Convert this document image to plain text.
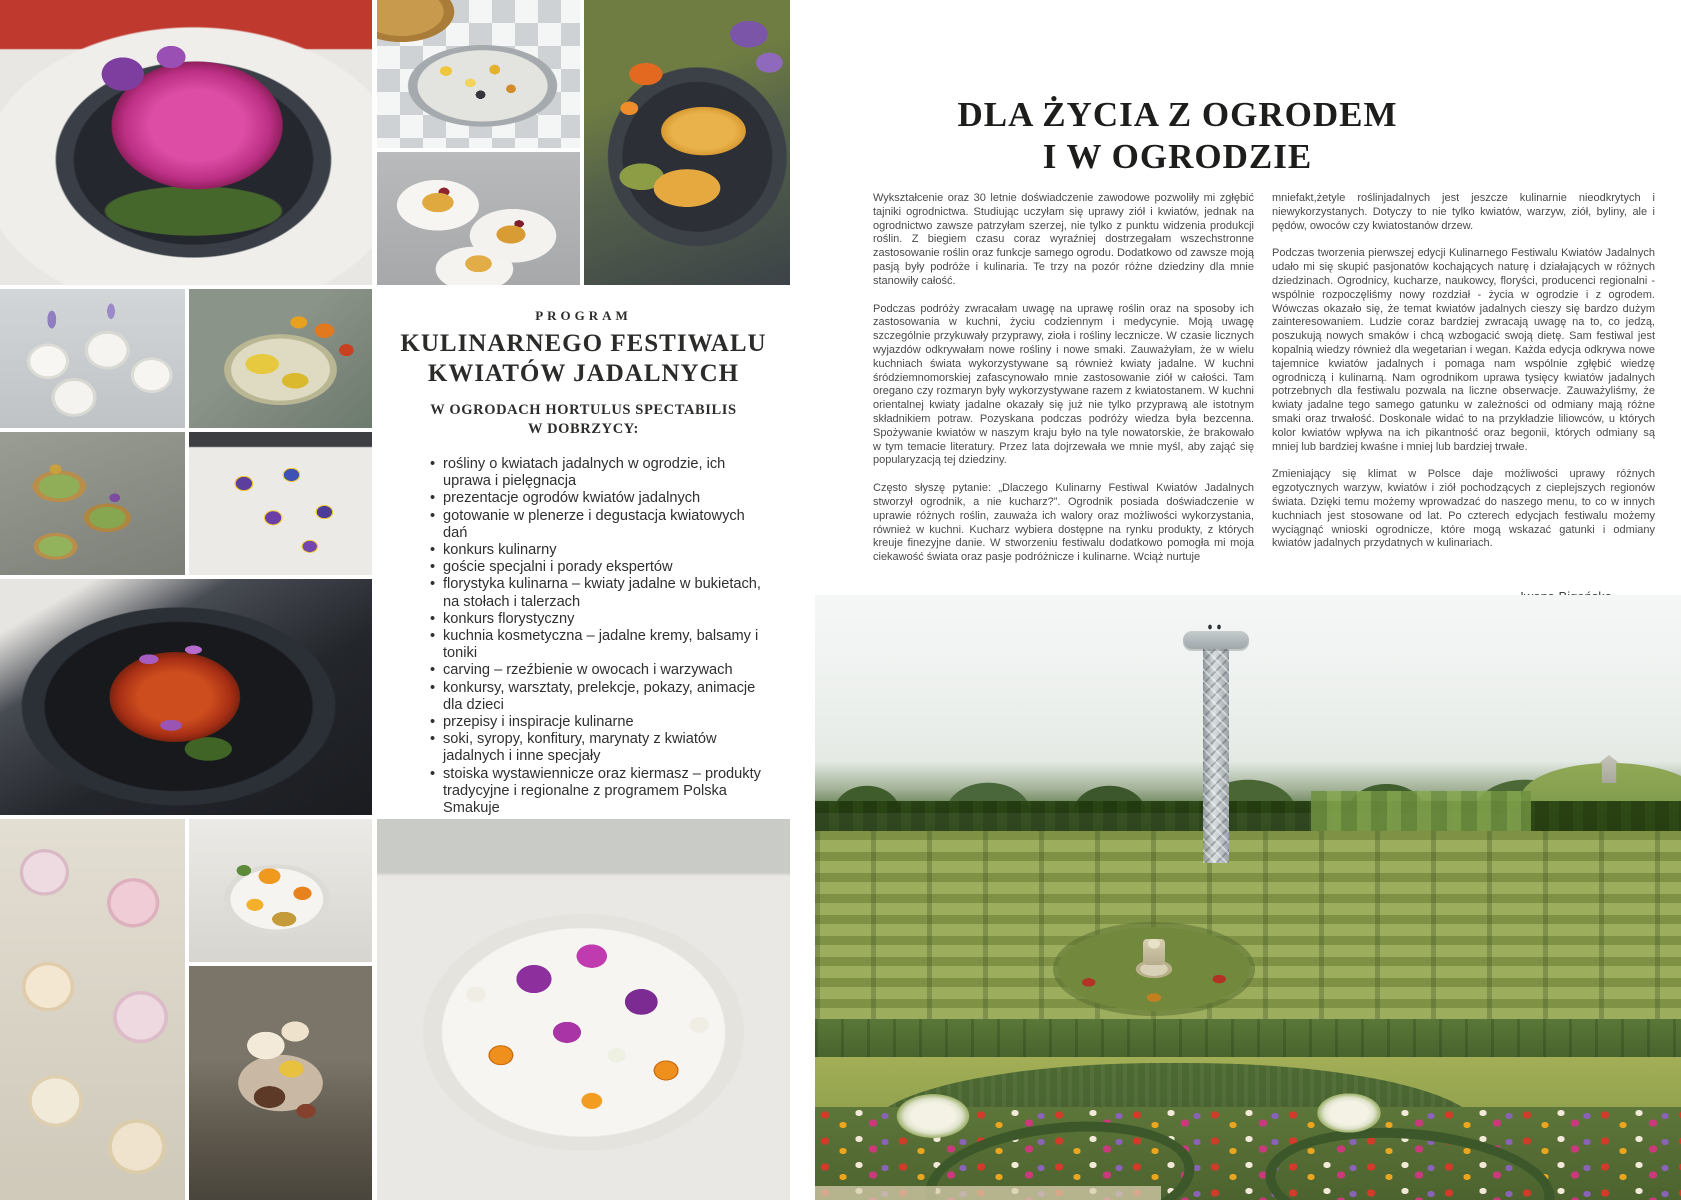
PROGRAM
KULINARNEGO FESTIWALU
KWIATÓW JADALNYCH
W OGRODACH HORTULUS SPECTABILIS
W DOBRZYCY:
• rośliny o kwiatach jadalnych w ogrodzie, ich uprawa i pielęgnacja
• prezentacje ogrodów kwiatów jadalnych
• gotowanie w plenerze i degustacja kwiatowych dań
• konkurs kulinarny
• goście specjalni i porady ekspertów
• florystyka kulinarna – kwiaty jadalne w bukietach, na stołach i talerzach
• konkurs florystyczny
• kuchnia kosmetyczna – jadalne kremy, balsamy i toniki
• carving – rzeźbienie w owocach i warzywach
• konkursy, warsztaty, prelekcje, pokazy, animacje dla dzieci
• przepisy i inspiracje kulinarne
• soki, syropy, konfitury, marynaty z kwiatów jadalnych i inne specjały
• stoiska wystawiennicze oraz kiermasz – produkty tradycyjne i regionalne z programem Polska Smakuje
DLA ŻYCIA Z OGRODEM
I W OGRODZIE

Wykształcenie oraz 30 letnie doświadczenie zawodowe pozwoliły mi zgłębić tajniki ogrodnictwa. Studiując uczyłam się uprawy ziół i kwiatów, jednak na ogrodnictwo zawsze patrzyłam szerzej, nie tylko z punktu widzenia produkcji roślin. Z biegiem czasu coraz wyraźniej dostrzegałam wszechstronne zastosowanie roślin oraz funkcje samego ogrodu. Dodatkowo od zawsze moją pasją były podróże i kulinaria. Te trzy na pozór różne dziedziny dla mnie stanowiły całość.

Podczas podróży zwracałam uwagę na uprawę roślin oraz na sposoby ich zastosowania w kuchni, życiu codziennym i medycynie. Moją uwagę szczególnie przykuwały przyprawy, zioła i rośliny lecznicze. W czasie licznych wyjazdów odkrywałam nowe rośliny i nowe smaki. Zauważyłam, że w wielu kuchniach świata wykorzystywane są również kwiaty jadalne. W kuchni śródziemnomorskiej zafascynowało mnie zastosowanie ziół w całości. Tam oregano czy rozmaryn były wykorzystywane razem z kwiatostanem. W kuchni orientalnej kwiaty jadalne okazały się już nie tylko przyprawą ale istotnym składnikiem potraw. Pozyskana podczas podróży wiedza była bezcenna. Spożywanie kwiatów w naszym kraju było na tyle nowatorskie, że brakowało w tym temacie literatury. Przez lata dojrzewała we mnie myśl, aby zająć się popularyzacją tej dziedziny.

Często słyszę pytanie: „Dlaczego Kulinarny Festiwal Kwiatów Jadalnych stworzył ogrodnik, a nie kucharz?”. Ogrodnik posiada doświadczenie w uprawie różnych roślin, zauważa ich walory oraz możliwości wykorzystania, również w kuchni. Kucharz wybiera dostępne na rynku produkty, z których kreuje finezyjne danie. W stworzeniu festiwalu dodatkowo pomogła mi moja ciekawość świata oraz pasje podróżnicze i kulinarne. Wciąż nurtuje

mniefakt,żetyle roślinjadalnych jest jeszcze kulinarnie nieodkrytych i niewykorzystanych. Dotyczy to nie tylko kwiatów, warzyw, ziół, byliny, ale i pędów, owoców czy kwiatostanów drzew.

Podczas tworzenia pierwszej edycji Kulinarnego Festiwalu Kwiatów Jadalnych udało mi się skupić pasjonatów kochających naturę i działających w różnych dziedzinach. Ogrodnicy, kucharze, naukowcy, floryści, producenci regionalni - wspólnie rozpoczęliśmy nowy rozdział - życia w ogrodzie i z ogrodem. Wówczas okazało się, że temat kwiatów jadalnych cieszy się bardzo dużym zainteresowaniem. Ludzie coraz bardziej zwracają uwagę na to, co jedzą, poszukują nowych smaków i chcą wzbogacić swoją dietę. Sam festiwal jest kopalnią wiedzy również dla wegetarian i wegan. Każda edycja odkrywa nowe tajemnice kwiatów jadalnych i pomaga nam wspólnie zgłębić wiedzę ogrodniczą i kulinarną. Nam ogrodnikom uprawa tysięcy kwiatów jadalnych potrzebnych dla festiwalu pozwala na liczne obserwacje. Zauważyliśmy, że kwiaty jadalne tego samego gatunku w zależności od odmiany mają różne smaki oraz trwałość. Doskonale widać to na przykładzie liliowców, u których kolor kwiatów wpływa na ich pikantność oraz begonii, których odmiany są mniej lub bardziej kwaśne i mniej lub bardziej trwałe.

Zmieniający się klimat w Polsce daje możliwości uprawy różnych egzotycznych warzyw, kwiatów i ziół pochodzących z cieplejszych regionów świata. Dzięki temu możemy wprowadzać do naszego menu, to co w innych kuchniach jest stosowane od lat. Po czterech edycjach festiwalu możemy wyciągnąć wnioski ogrodnicze, które mogą wskazać gatunki i odmiany kwiatów jadalnych przydatnych w kulinariach.
